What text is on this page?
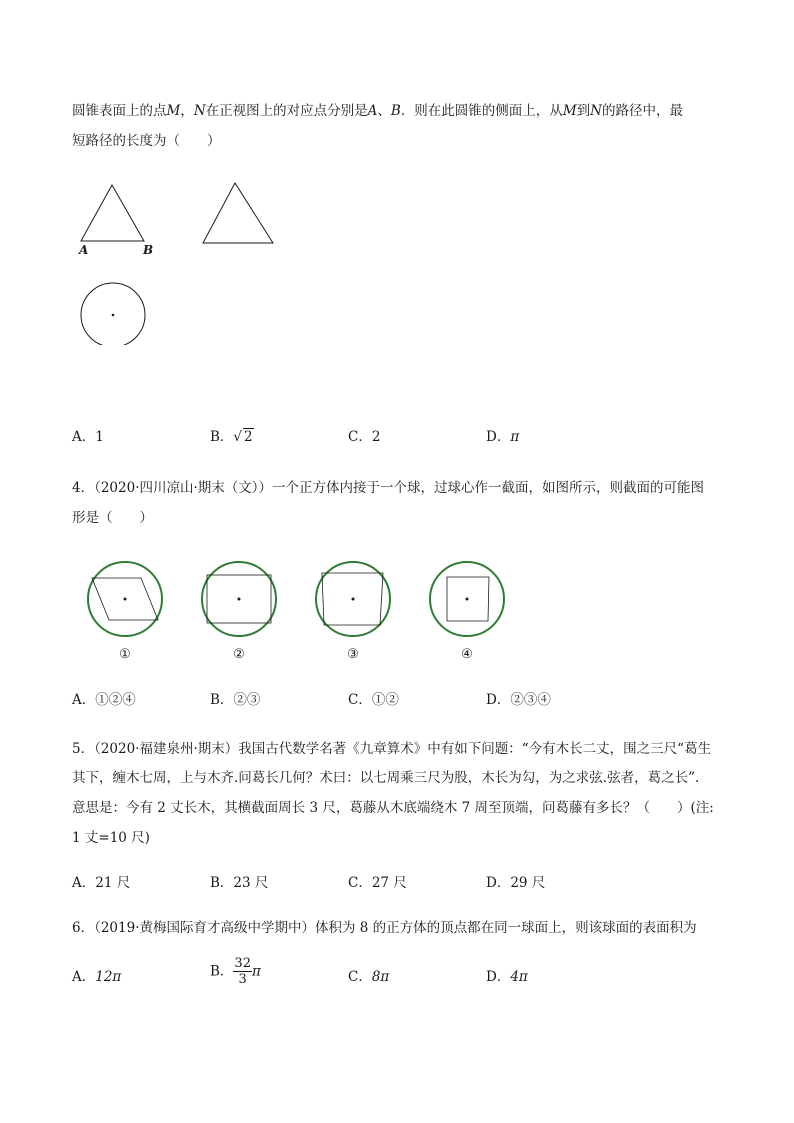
圆锥表面上的点M，N在正视图上的对应点分别是A、B．则在此圆锥的侧面上，从M到N的路径中，最
短路径的长度为（　　）
A	B
A．1	B．√ 2	C．2	D．π
4．（2020·四川凉山·期末（文））一个正方体内接于一个球，过球心作一截面，如图所示，则截面的可能图
形是（　　）
①	②	③	④
A．①②④	B．②③	C．①②	D．②③④
5．（2020·福建泉州·期末）我国古代数学名著《九章算术》中有如下问题：“今有木长二丈，围之三尺“葛生
其下，缠木七周，上与木齐.问葛长几何？术曰：以七周乘三尺为股，木长为勾，为之求弦.弦者，葛之长”.
意思是：今有 2 丈长木，其横截面周长 3 尺，葛藤从木底端绕木 7 周至顶端，问葛藤有多长？（　　）(注:
1 丈=10 尺)
A．21 尺	B．23 尺	C．27 尺	D．29 尺
6．（2019·黄梅国际育才高级中学期中）体积为 8 的正方体的顶点都在同一球面上，则该球面的表面积为
A．12π	B． $\frac{32}{3}$ π	C．8π	D．4π
